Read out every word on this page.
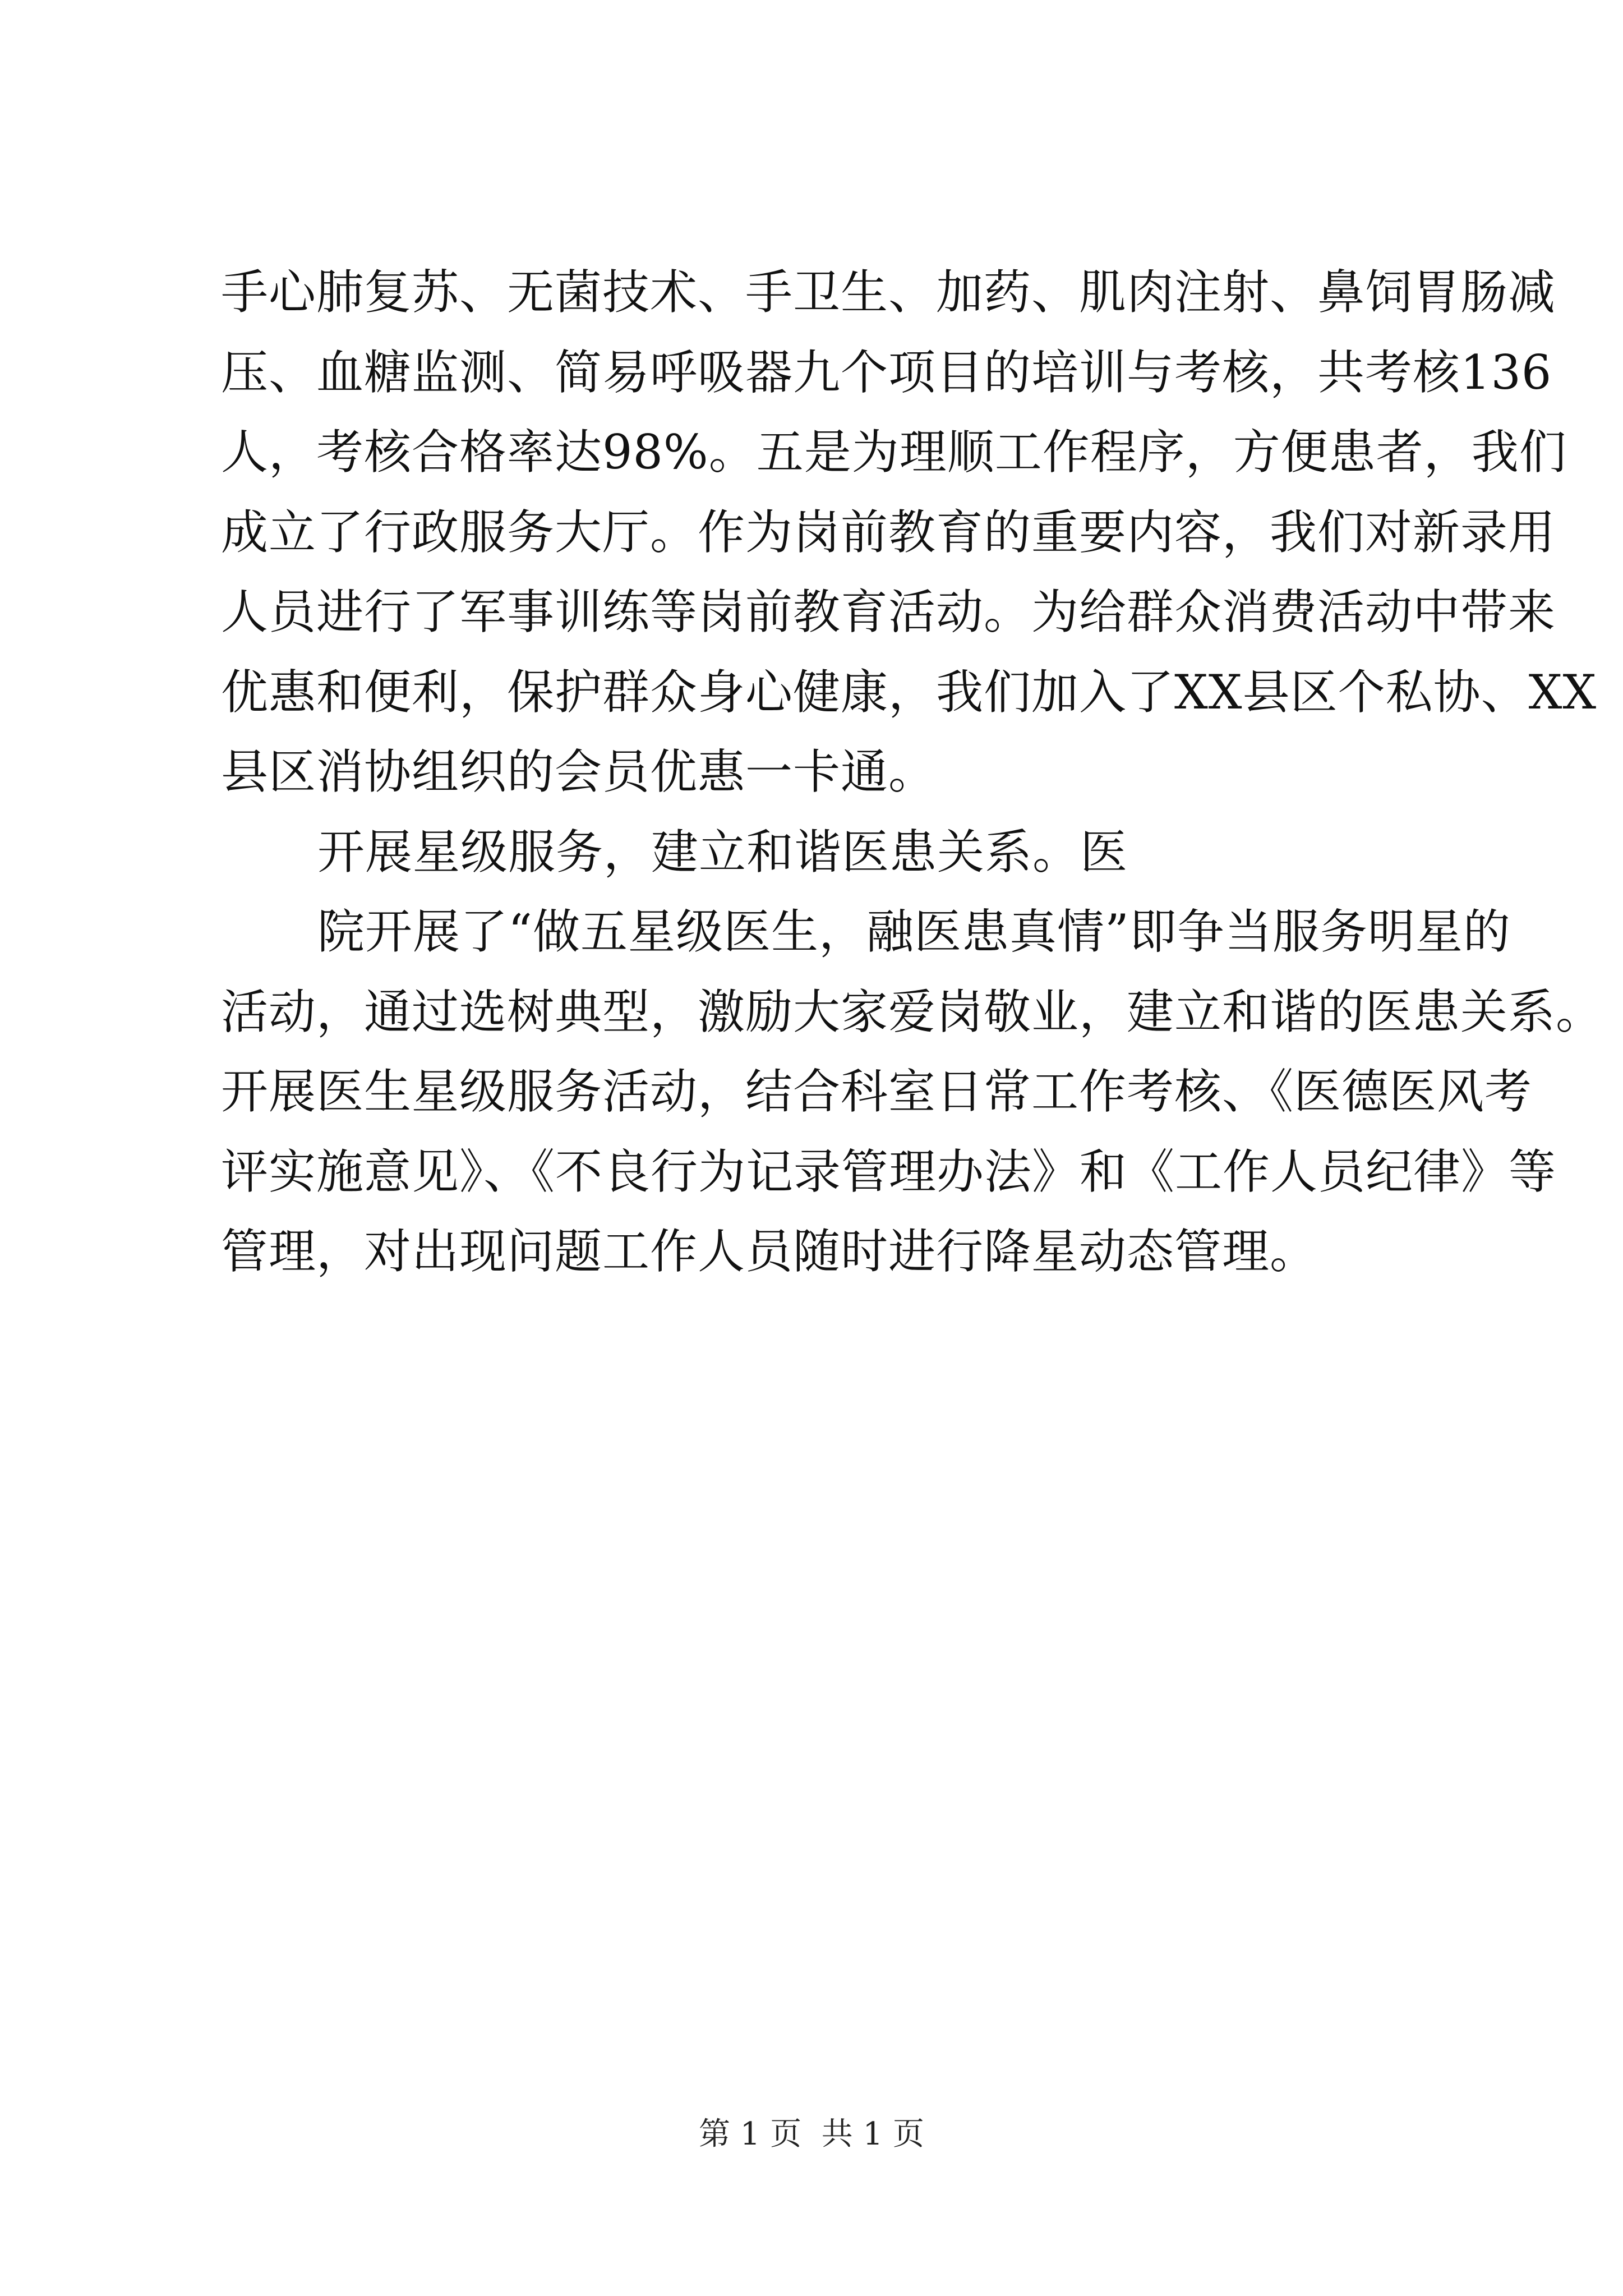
手心肺复苏、无菌技术、手卫生、加药、肌肉注射、鼻饲胃肠减
压、血糖监测、简易呼吸器九个项目的培训与考核，共考核136
人，考核合格率达98%。五是为理顺工作程序，方便患者，我们
成立了行政服务大厅。作为岗前教育的重要内容，我们对新录用
人员进行了军事训练等岗前教育活动。为给群众消费活动中带来
优惠和便利，保护群众身心健康，我们加入了XX县区个私协、XX
县区消协组织的会员优惠一卡通。
开展星级服务，建立和谐医患关系。医
院开展了“做五星级医生，融医患真情”即争当服务明星的
活动，通过选树典型，激励大家爱岗敬业，建立和谐的医患关系。
开展医生星级服务活动，结合科室日常工作考核、《医德医风考
评实施意见》、《不良行为记录管理办法》和《工作人员纪律》等
管理，对出现问题工作人员随时进行降星动态管理。
第 1 页  共 1 页
